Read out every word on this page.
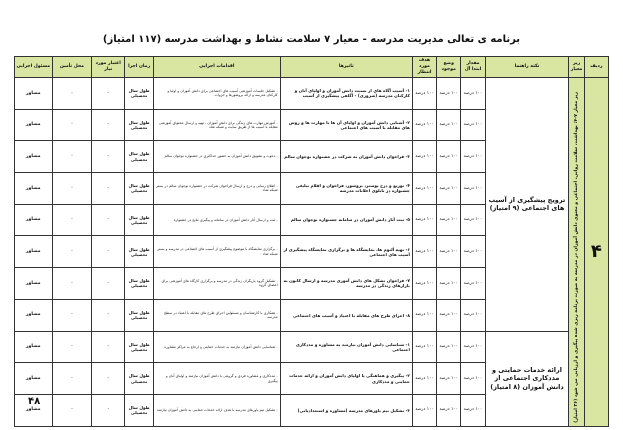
برنامه ی تعالی مدیریت مدرسه - معیار ۷ سلامت نشاط و بهداشت مدرسه (۱۱۷ امتیاز)
ردیف	زیر معیار	نکته راهنما	مقدار ابتدا آل	وضع موجود	هدف مورد انتظار	تاثیرها	اقدامات اجرایی	زمان اجرا	اعتبار مورد نیاز	محل تأمین	مسئول اجرایی
۴	زیر معیار ۷-۴: بهداشت، سلامت روانی، اجتماعی و معنوی دانش آموزان در مدرسه به صورت برنامه ریزی شده پیگیری و ارزیابی می شود (۳۶ امتیاز)	ترویج پیشگیری از آسیب های اجتماعی (۹ امتیاز)	۱۰۰ درصد	۱۰۰ درصد	۱۰۰ درصد	۱- آسیب آگاه های از نسبت دانش آموزان و اولیای آنان و کارکنان مدرسه (ضروری) - آگاهی پیشگیری از آسیب	- تشکیل جلسات آموزشی آسیب های اجتماعی برای دانش آموزان و اولیا و کارکنان مدرسه و ارائه بروشورها و جزوات	طول سال تحصیلی	-	-	مشاور
			۱۰۰ درصد	۱۰۰ درصد	۱۰۰ درصد	۲- آشنایی دانش آموزان و اولیای آن ها با مهارت ها و روش های مقابله با آسیب های اجتماعی	- آموزش مهارت های زندگی برای دانش آموزان - تهیه و ارسال محتوای آموزشی مقابله با آسیب ها از طریق سایت و شبکه شاد	طول سال تحصیلی	-	-	مشاور
			۱۰۰ درصد	۱۰۰ درصد	۱۰۰ درصد	۳- فراخوان دانش آموزان به شرکت در جشنواره نوجوان سالم	- دعوت و تشویق دانش آموزان به حضور حداکثری در جشنواره نوجوان سالم	طول سال تحصیلی	-	-	مشاور
			۱۰۰ درصد	۱۰۰ درصد	۱۰۰ درصد	۴- توزیع و درج پوستر، بروشور، فراخوان و اقلام تبلیغی جشنواره در تابلوی اعلانات مدرسه	- اطلاع رسانی و درج و ارسال فراخوان شرکت در جشنواره نوجوان سالم در بستر شبکه شاد	طول سال تحصیلی	-	-	مشاور
			۱۰۰ درصد	۱۰۰ درصد	۱۰۰ درصد	۵- ثبت آثار دانش آموزان در سامانه جشنواره نوجوان سالم	- ثبت و ارسال آثار دانش آموزان در سامانه و پیگیری نتایج در جشنواره	طول سال تحصیلی	-	-	مشاور
			۱۰۰ درصد	۱۰۰ درصد	۱۰۰ درصد	۶- تهیه آلبوم ها، نمایشگاه ها و برگزاری نمایشگاه پیشگیری از آسیب های اجتماعی	- برگزاری نمایشگاه با موضوع پیشگیری از آسیب های اجتماعی در مدرسه و بستر شبکه شاد	طول سال تحصیلی	-	-	مشاور
			۱۰۰ درصد	۱۰۰ درصد	۱۰۰ درصد	۷- فراخوان تشکل های دانش آموزی مدرسه و ارسال کانون به بازارهای زندگی در مدرسه	- تشکیل گروه یاریگران زندگی در مدرسه و برگزاری کارگاه های آموزشی برای اعضای گروه	طول سال تحصیلی	-	-	مشاور
			۱۰۰ درصد	۱۰۰ درصد	۱۰۰ درصد	۸- اجرای طرح های مقابله با اعتیاد و آسیب های اجتماعی	- همکاری با کارشناسان و مسئولین اجرای طرح های مقابله با اعتیاد در سطح مدرسه	طول سال تحصیلی	-	-	مشاور
		ارائه خدمات حمایتی و مددکاری اجتماعی از دانش آموزان (۸ امتیاز)	۱۰۰ درصد	۱۰۰ درصد	۱۰۰ درصد	۱- شناسایی دانش آموزان نیازمند به مشاوره و مددکاری اجتماعی	- شناسایی دانش آموزان نیازمند به خدمات حمایتی و ارجاع به مراکز مشاوره	طول سال تحصیلی	-	-	مشاور
			۱۰۰ درصد	۱۰۰ درصد	۱۰۰ درصد	۲- پیگیری و هماهنگی با اولیای دانش آموزان و ارائه خدمات حمایتی و مددکاری	- مددکاری و مشاوره فردی و گروهی با دانش آموزان نیازمند و اولیای آنان و پیگیری	طول سال تحصیلی	-	-	مشاور
			۱۰۰ درصد	۱۰۰ درصد	۱۰۰ درصد	۳- تشکیل تیم یاورهای مدرسه (مشاوره و استعدادیابی)	- تشکیل تیم یاورهای مدرسه با هدف ارائه خدمات حمایتی به دانش آموزان نیازمند	طول سال تحصیلی	-	-	مشاور
۴۸
